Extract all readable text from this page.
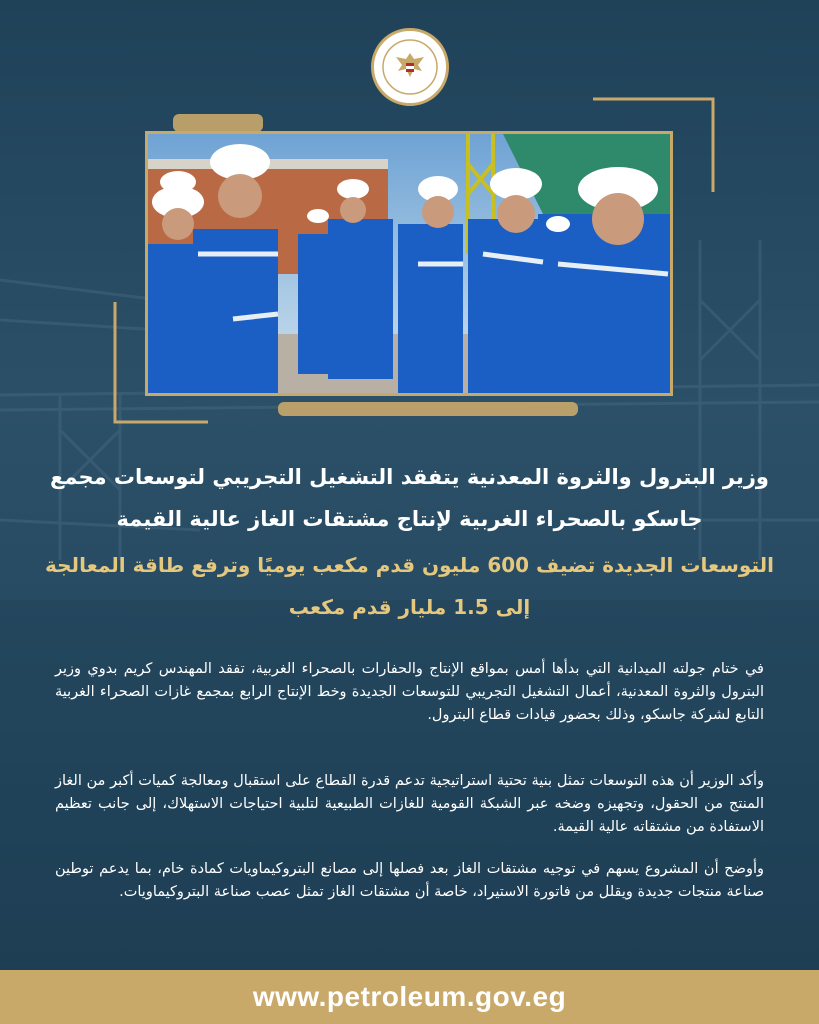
وزير البترول والثروة المعدنية يتفقد التشغيل التجريبي لتوسعات مجمع جاسكو بالصحراء الغربية لإنتاج مشتقات الغاز عالية القيمة
التوسعات الجديدة تضيف 600 مليون قدم مكعب يوميًا وترفع طاقة المعالجة إلى 1.5 مليار قدم مكعب

في ختام جولته الميدانية التي بدأها أمس بمواقع الإنتاج والحفارات بالصحراء الغربية، تفقد المهندس كريم بدوي وزير البترول والثروة المعدنية، أعمال التشغيل التجريبي للتوسعات الجديدة وخط الإنتاج الرابع بمجمع غازات الصحراء الغربية التابع لشركة جاسكو، وذلك بحضور قيادات قطاع البترول.

وأكد الوزير أن هذه التوسعات تمثل بنية تحتية استراتيجية تدعم قدرة القطاع على استقبال ومعالجة كميات أكبر من الغاز المنتج من الحقول، وتجهيزه وضخه عبر الشبكة القومية للغازات الطبيعية لتلبية احتياجات الاستهلاك، إلى جانب تعظيم الاستفادة من مشتقاته عالية القيمة.

وأوضح أن المشروع يسهم في توجيه مشتقات الغاز بعد فصلها إلى مصانع البتروكيماويات كمادة خام، بما يدعم توطين صناعة منتجات جديدة ويقلل من فاتورة الاستيراد، خاصة أن مشتقات الغاز تمثل عصب صناعة البتروكيماويات.

www.petroleum.gov.eg
